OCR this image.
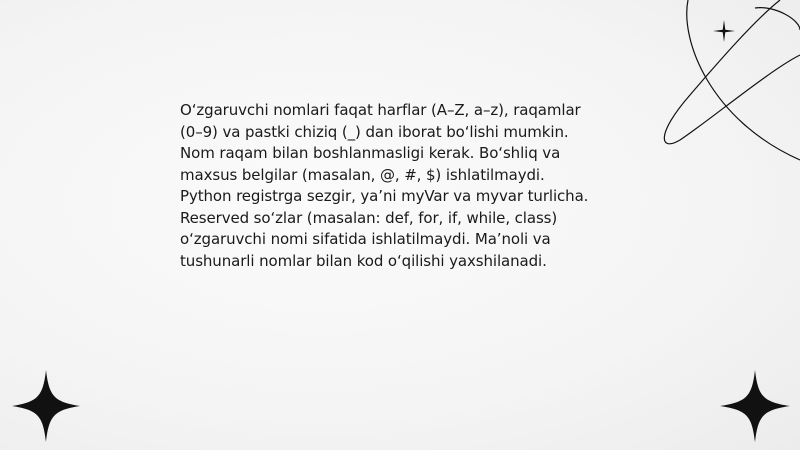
O‘zgaruvchi nomlari faqat harflar (A–Z, a–z), raqamlar
(0–9) va pastki chiziq (_) dan iborat bo‘lishi mumkin.
Nom raqam bilan boshlanmasligi kerak. Bo‘shliq va
maxsus belgilar (masalan, @, #, $) ishlatilmaydi.
Python registrga sezgir, ya’ni myVar va myvar turlicha.
Reserved so‘zlar (masalan: def, for, if, while, class)
o‘zgaruvchi nomi sifatida ishlatilmaydi. Ma’noli va
tushunarli nomlar bilan kod o‘qilishi yaxshilanadi.
